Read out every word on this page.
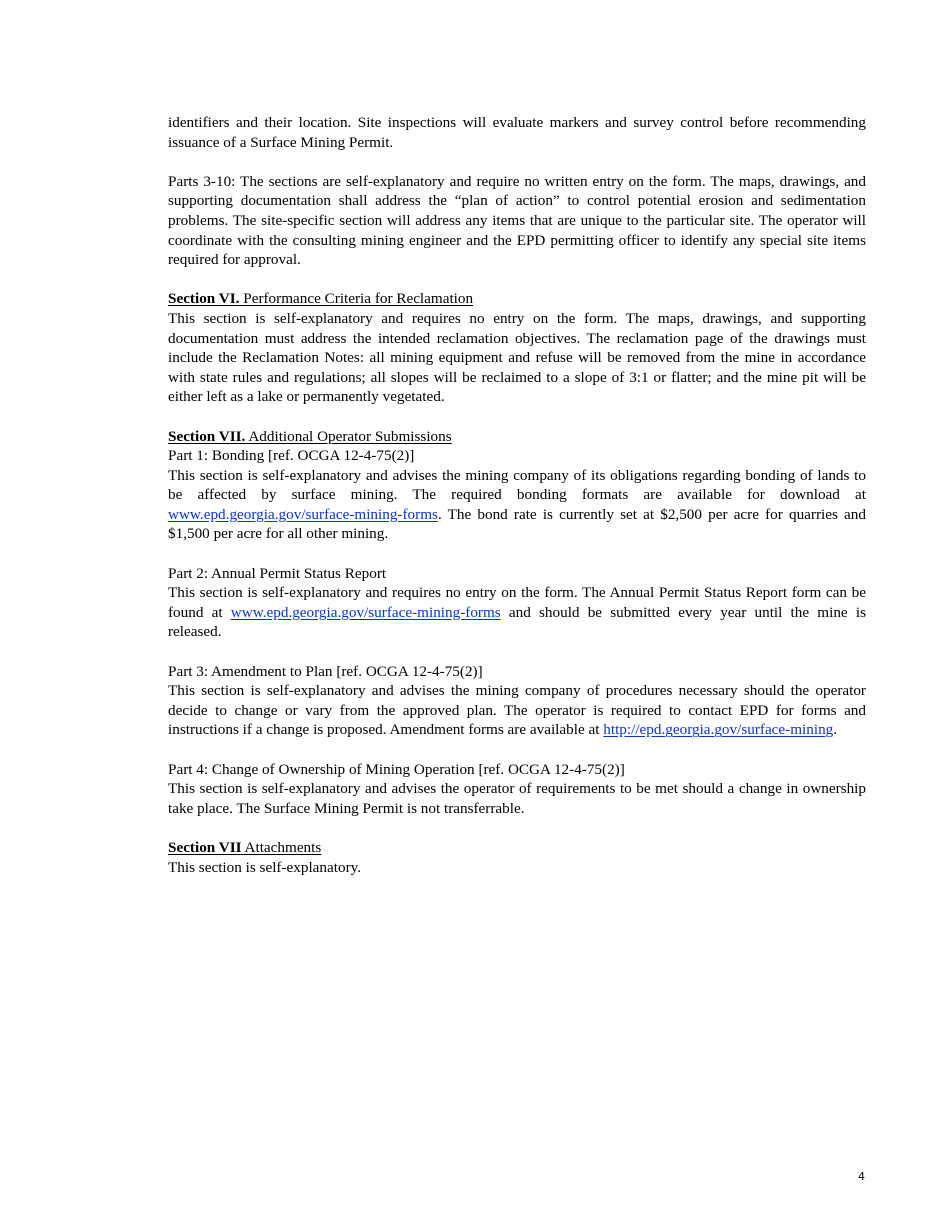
identifiers and their location. Site inspections will evaluate markers and survey control before recommending issuance of a Surface Mining Permit.

Parts 3-10: The sections are self-explanatory and require no written entry on the form. The maps, drawings, and supporting documentation shall address the “plan of action” to control potential erosion and sedimentation problems. The site-specific section will address any items that are unique to the particular site. The operator will coordinate with the consulting mining engineer and the EPD permitting officer to identify any special site items required for approval.

Section VI. Performance Criteria for Reclamation

This section is self-explanatory and requires no entry on the form. The maps, drawings, and supporting documentation must address the intended reclamation objectives. The reclamation page of the drawings must include the Reclamation Notes: all mining equipment and refuse will be removed from the mine in accordance with state rules and regulations; all slopes will be reclaimed to a slope of 3:1 or flatter; and the mine pit will be either left as a lake or permanently vegetated.

Section VII. Additional Operator Submissions

Part 1: Bonding [ref. OCGA 12-4-75(2)]

This section is self-explanatory and advises the mining company of its obligations regarding bonding of lands to be affected by surface mining. The required bonding formats are available for download at www.epd.georgia.gov/surface-mining-forms. The bond rate is currently set at $2,500 per acre for quarries and $1,500 per acre for all other mining.

Part 2: Annual Permit Status Report

This section is self-explanatory and requires no entry on the form. The Annual Permit Status Report form can be found at www.epd.georgia.gov/surface-mining-forms and should be submitted every year until the mine is released.

Part 3: Amendment to Plan [ref. OCGA 12-4-75(2)]

This section is self-explanatory and advises the mining company of procedures necessary should the operator decide to change or vary from the approved plan. The operator is required to contact EPD for forms and instructions if a change is proposed. Amendment forms are available at http://epd.georgia.gov/surface-mining.

Part 4: Change of Ownership of Mining Operation [ref. OCGA 12-4-75(2)]

This section is self-explanatory and advises the operator of requirements to be met should a change in ownership take place. The Surface Mining Permit is not transferrable.

Section VII Attachments

This section is self-explanatory.

4
